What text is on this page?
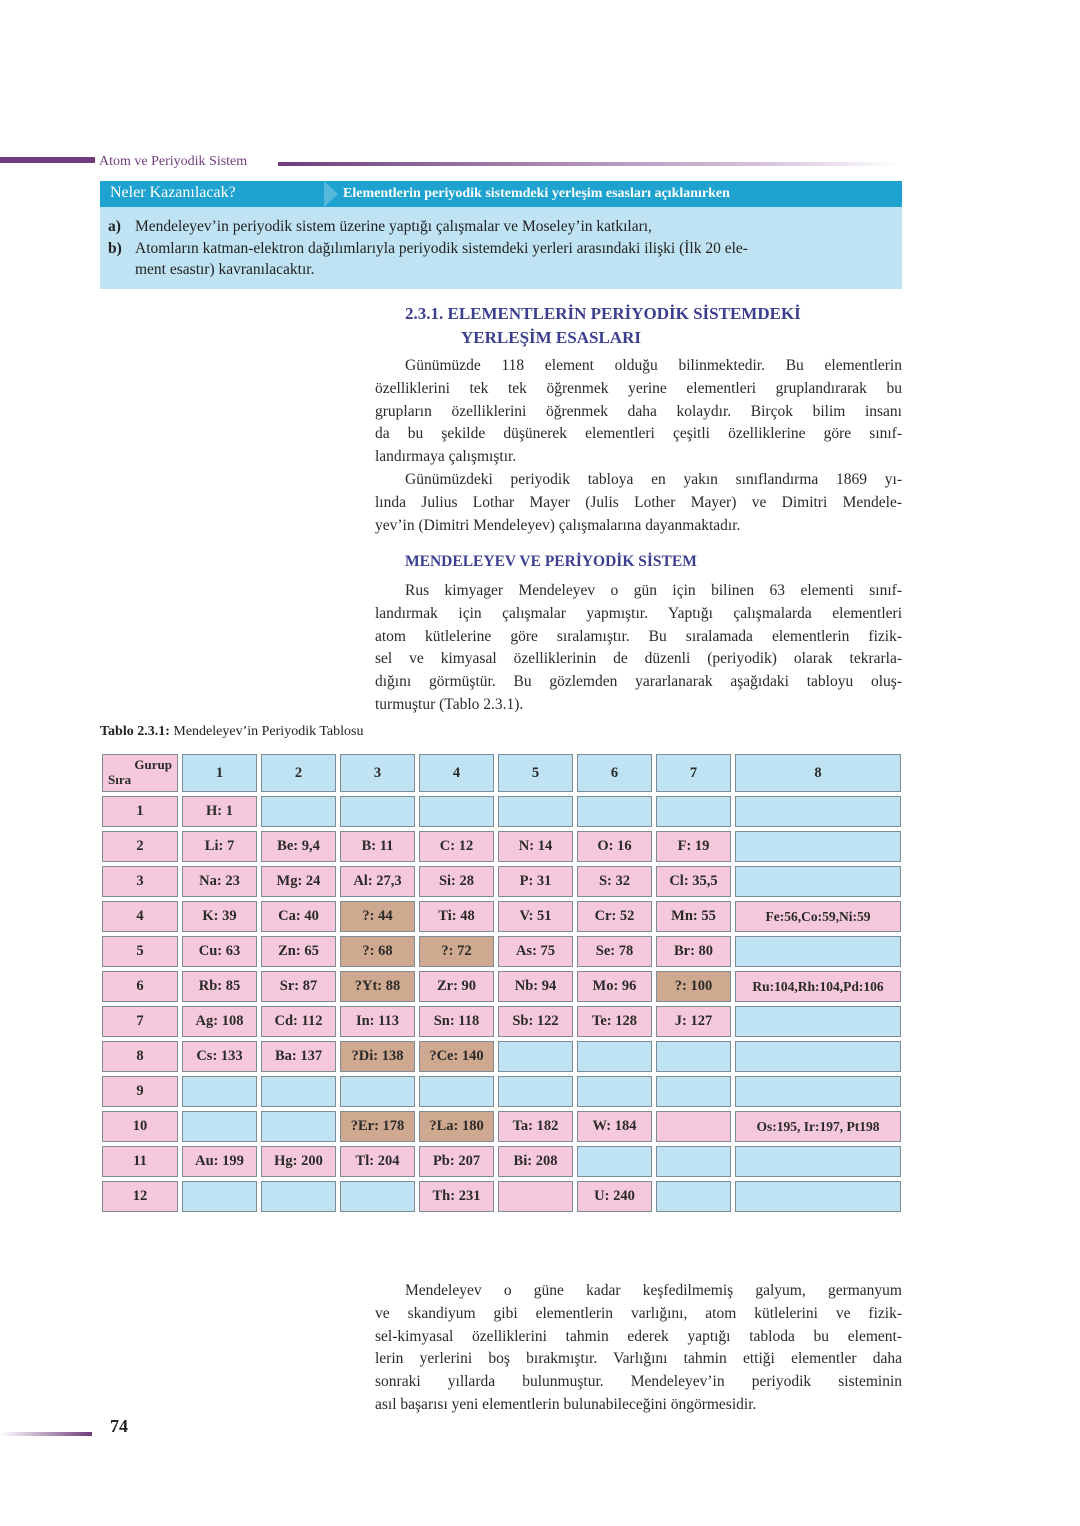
Atom ve Periyodik Sistem
Neler Kazanılacak?	Elementlerin periyodik sistemdeki yerleşim esasları açıklanırken
a) Mendeleyev’in periyodik sistem üzerine yaptığı çalışmalar ve Moseley’in katkıları,
b) Atomların katman-elektron dağılımlarıyla periyodik sistemdeki yerleri arasındaki ilişki (İlk 20 ele-
ment esastır) kavranılacaktır.
2.3.1. ELEMENTLERİN PERİYODİK SİSTEMDEKİ
YERLEŞİM ESASLARI
Günümüzde 118 element olduğu bilinmektedir. Bu elementlerin
özelliklerini tek tek öğrenmek yerine elementleri gruplandırarak bu
grupların özelliklerini öğrenmek daha kolaydır. Birçok bilim insanı
da bu şekilde düşünerek elementleri çeşitli özelliklerine göre sınıf-
landırmaya çalışmıştır.
Günümüzdeki periyodik tabloya en yakın sınıflandırma 1869 yı-
lında Julius Lothar Mayer (Julis Lother Mayer) ve Dimitri Mendele-
yev’in (Dimitri Mendeleyev) çalışmalarına dayanmaktadır.
MENDELEYEV VE PERİYODİK SİSTEM
Rus kimyager Mendeleyev o gün için bilinen 63 elementi sınıf-
landırmak için çalışmalar yapmıştır. Yaptığı çalışmalarda elementleri
atom kütlelerine göre sıralamıştır. Bu sıralamada elementlerin fizik-
sel ve kimyasal özelliklerinin de düzenli (periyodik) olarak tekrarla-
dığını görmüştür. Bu gözlemden yararlanarak aşağıdaki tabloyu oluş-
turmuştur (Tablo 2.3.1).
Tablo 2.3.1: Mendeleyev’in Periyodik Tablosu
Gurup
Sıra	1	2	3	4	5	6	7	8
1	H: 1							
2	Li: 7	Be: 9,4	B: 11	C: 12	N: 14	O: 16	F: 19	
3	Na: 23	Mg: 24	Al: 27,3	Si: 28	P: 31	S: 32	Cl: 35,5	
4	K: 39	Ca: 40	?: 44	Ti: 48	V: 51	Cr: 52	Mn: 55	Fe:56,Co:59,Ni:59
5	Cu: 63	Zn: 65	?: 68	?: 72	As: 75	Se: 78	Br: 80	
6	Rb: 85	Sr: 87	?Yt: 88	Zr: 90	Nb: 94	Mo: 96	?: 100	Ru:104,Rh:104,Pd:106
7	Ag: 108	Cd: 112	In: 113	Sn: 118	Sb: 122	Te: 128	J: 127	
8	Cs: 133	Ba: 137	?Di: 138	?Ce: 140				
9								
10			?Er: 178	?La: 180	Ta: 182	W: 184		Os:195, Ir:197, Pt198
11	Au: 199	Hg: 200	Tl: 204	Pb: 207	Bi: 208			
12				Th: 231		U: 240		
Mendeleyev o güne kadar keşfedilmemiş galyum, germanyum
ve skandiyum gibi elementlerin varlığını, atom kütlelerini ve fizik-
sel-kimyasal özelliklerini tahmin ederek yaptığı tabloda bu element-
lerin yerlerini boş bırakmıştır. Varlığını tahmin ettiği elementler daha
sonraki yıllarda bulunmuştur. Mendeleyev’in periyodik sisteminin
asıl başarısı yeni elementlerin bulunabileceğini öngörmesidir.
74
